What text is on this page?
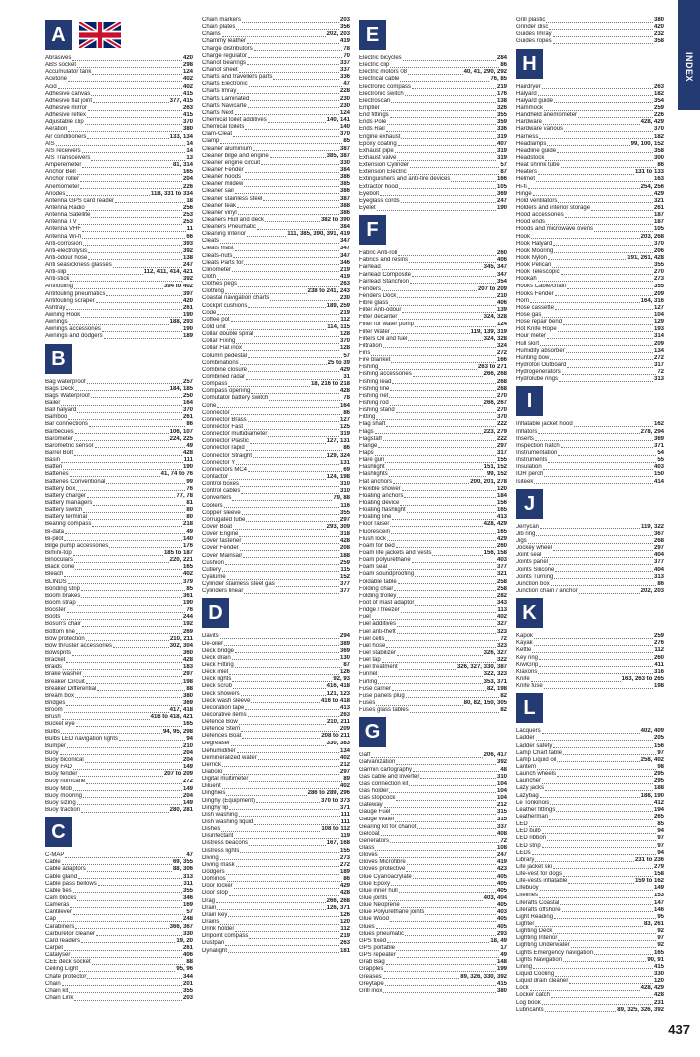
A
Abrasives	420
ABS socket	298
Accumulator tank	124
Acetone	402
Acid	402
Adhesive canvas	415
Adhesive flat joint	377, 415
Adhesive mirror	263
Adhesive reflex	415
Adjustable clip	370
Aeration	380
Air conditioners	133, 134
AIS	14
AIS receivers	14
AIS Transceivers	13
Amperemeter	81, 314
Anchor Bell	165
Anchor roller	204
Anemometer	226
Anodes	118, 331 to 334
Antenna GPS card reader	18
Antenna Radio	256
Antenna Satellite	253
Antenna TV	253
Antenna VHF	11
Antenna Wi-fi	66
Anti-corrosion	393
Anti-electrolysis	392
Anti-odour hose	138
Anti seasickness glasses	247
Anti-slip	112, 411, 414, 421
Anti-stick	392
Antifouling	394 to 402
Antifouling pneumatics	397
Antifouling scraper	420
Ashtray	261
Awning Hook	190
Awnings	188, 293
Awnings accessories	190
Awnings and dodgers	189
B
Bag waterproof	257
Bags Deck	184, 185
Bags Waterproof	250
Bailer	164
Ball halyard	370
Bamboo	261
Bar connections	86
Barbecues	106, 107
Barometer	224, 225
Barometric sensor	49
Barrel Bolt	428
Basin	111
Batten	190
Batteries	41, 74 to 76
Batteries Conventional	99
Battery box	76
Battery charger	77, 78
Battery managers	81
Battery switch	80
Battery terminal	80
Bearing compass	218
Bi-data	49
Bi-pilot	140
Bilge pump accessories	176
Bimini-top	185 to 187
Binoculars	220, 221
Black cone	165
Bleach	402
BLINDS	379
Bonding strip	85
Boom brakes	361
Boom strap	190
Booster	76
Boots	244
Bosun's chair	192
Bottom line	269
Bow protection	210, 211
Bow thruster accessories	302, 304
Bowsprits	360
Bracket	428
Braids	183
Brake washer	297
Breaker Circuit	198
Breaker Differential	88
Bream box	380
Bridges	369
Broom	417, 418
Brush	416 to 418, 421
Bucket eye	165
Bulbs	94, 95, 298
Bulbs LED navigation lights	94
Bumper	210
Buoy	204
Buoy biconical	204
Buoy FAD	149
Buoy fender	207 to 209
Buoy hurricane	272
Buoy Mob	149
Buoy mooring	204
Buoy sizing	149
Buoy traction	280, 281
C
C-MAP	47
Cable	69, 355
Cable adaptors	88, 306
Cable gland	313
Cable pass bellows	311
Cable ties	355
Cam blocks	346
Cameras	169
Cantilever	57
Cap	248
Carabiners	366, 367
Carburetor cleaner	330
Card readers	19, 20
Carpet	261
Catalyser	406
CEE deck socket	88
Ceiling Light	95, 96
Chafe protector	344
Chain	201
Chain kit	355
Chain Link	203
Chain markers	203
Chain plates	356
Chains	202, 203
Chammy leather	419
Charge distributors	78
Charge regulator	70
Chariot bearings	337
Chariot sheet	337
Charts and travellers parts	336
Charts Electronic	47
Charts Imray	228
Charts Laminated	230
Charts Navicarte	230
Charts Next	124
Chemical toilet additives	140, 141
Chemical toilets	140
Clam-Cleat	370
Clamp	85
Cleaner aluminium	387
Cleaner bilge and engine	385, 387
Cleaner engine circuit	330
Cleaner Fender	384
Cleaner hoods	386
Cleaner mildew	385
Cleaner sail	386
Cleaner stainless steel	387
Cleaner teak	388
Cleaner vinyl	386
Cleaners Hull and deck	382 to 390
Cleaners Pneumatic	384
Cleaning Interior	111, 385, 390, 391, 419
Cleats	347
Cleats mast	347
Cleats-nuts	347
Cleats Parts for	346
Clinometer	219
Cloth	419
Clothes pegs	263
Clothing	238 to 241, 243
Coastal navigation charts	230
Cockpit cushions	189, 259
Code	219
Coffee pot	112
Cold unit	114, 115
Collar double spiral	128
Collar Fixing	370
Collar Flat inox	128
Column pedestal	57
Combinations	25 to 39
Combine closure	429
Combined radar	31
Compass	18, 216 to 218
Compass opening	428
Comutator battery switch	78
Cone	164
Connector	86
Connector Brass	127
Connector Fast	125
Connector multidiameter	319
Connector Plastic	127, 131
Connector rapid	86
Connector Straight	129, 324
Connector Y	131
Connectors MC4	69
Contactor	124, 198
Control boxes	310
Control cables	310
Converters	79, 88
Coolers	116
Copper sleeve	355
Corrugated tube	297
Cover Boat	293, 309
Cover Engine	318
Cover fastener	428
Cover Fender	208
Cover Mainsail	188
Cushion	259
Cutlery	115
Cyalume	152
Cylinder stainless steel gas	377
Cylinders linear	377
D
Davits	294
De-oiler	389
Deck bridge	369
Deck drain	130
Deck Fitting	87
Deck inlet	126
Deck lights	92, 93
Deck scrub	416, 418
Deck showers	121, 123
Deck wash sleeve	416 to 418
Decoration tape	413
Decorative items	263
Defence Bow	210, 211
Defence Stern	209
Defences Boat	208 to 211
Degreaser	330, 383
Dehumidifier	134
Demineralized water	402
Derrick	212
Diabolo	297
Digital multimeter	89
Diluent	402
Dinghies	286 to 289, 296
Dinghy (Equipment)	370 to 373
Dinghy lip	371
Dish washing	111
Dish washing liquid	111
Dishes	108 to 112
Disinfectant	119
Distress beacons	167, 168
Distress lights	155
Diving	273
Diving mask	272
Dodgers	189
Dominos	86
Door locker	429
Door stop	428
Drag	266, 268
Drain	126, 371
Drain key	126
Drains	120
Drink holder	112
Dripoint compass	219
Dustpan	263
Dynalight	181
E
Electric bicycles	284
Electric clip	86
Electric motors 08	40, 41, 290, 292
Electrical cable	76, 85
Electronic compass	219
Electronic switch	176
Electroscan	138
Emptier	326
End fittings	355
Ends Pole	359
Ends Rail	336
Engine exhaust	319
Epoxy coating	407
Exhaust pipe	319
Exhaust valve	319
Extension Cylinder	57
Extension Electric	87
Extinguishers and anti-fire devices	166
Extractor hood	105
Eyebolt	369
Eyeglass cords	247
Eyelet	190
F
Fabric Anti-roll	260
Fabrics and resins	406
Fairlead	345, 347
Fairlead Composite	347
Fairlead Stanchion	354
Fenders	207 to 209
Fenders Dock	210
Fibre glass	406
Filter Anti-odour	139
Filter decanter	324, 328
Filter for water pump	124
Filter Water	119, 139, 319
Filters Oil and fuel	324, 328
Filtration	324
Fins	272
Fire blanket	166
Fishing	263 to 271
Fishing accessories	266, 268
Fishing lead	268
Fishing line	268
Fishing net	270
Fishing rod	266, 267
Fishing stand	270
Fitting	370
Flag shaft	222
Flags	223, 279
Flagstaff	222
Flange	297
Flaps	317
Flare gun	155
Flashlight	151, 152
Flashlights	99, 152
Flat anchors	200, 201, 278
Flexible shower	120
Floating anchors	184
Floating device	156
Floating flashlight	165
Floating line	413
Floor raiser	428, 429
Fluorescein	165
Flush lock	429
Foam for bed	260
Foam life jackets and vests	156, 158
Foam polyurethane	403
Foam seal	377
Foam soundproofing	321
Foldable table	258
Folding chair	258
Folding trolley	282
Foot of mast adaptor	343
Fridge / freezer	113
Fuel	402
Fuel additives	327
Fuel anti-theft	323
Fuel cells	72
Fuel hose	323
Fuel stabilizer	326, 327
Fuel tap	322
Fuel treatment	326, 327, 330, 387
Funnel	322, 323
Furling	353, 371
Fuse carrier	82, 198
Fuse panels plug	82
Fuses	80, 82, 150, 305
Fuses glass tables	82
G
Gaff	206, 417
Galvanization	392
Garmin cartography	48
Gas cable and inverter	310
Gas connection kit	104
Gas holder	104
Gas stopcock	104
Gateway	212
Gauge Fuel	315
Gauge Water	315
Gearing kit for chariot	337
Gelcoat	408
Generators	72
Glass	108
Gloves	247
Gloves Microfibre	419
Gloves protective	423
Glue Cyanoacrylate	405
Glue Epoxy	405
Glue inner hull	405
Glue joints	403, 404
Glue Neoprene	405
Glue Polyurethane joints	403
Glue Wood	405
Glues	405
Glues pneumatic	293
GPS fixed	18, 49
GPS portable	17
GPS repeater	49
Grab Bag	148
Grapples	199
Greases	89, 326, 330, 392
Greytape	415
Grill inox	380
Grill plastic	380
Grinder disc	420
Guides Imray	232
Guides ropes	358
H
Hairdryer	263
Halyard	182
Halyard guide	354
Hammock	259
Handheld anemometer	226
Hardware	428, 429
Hardware various	370
Harness	182
Headlamps	99, 100, 152
Headline guide	358
Headstock	300
Heat shrink tube	86
Heaters	131 to 133
Helmet	163
Hi-fi	254, 256
Hinge	429
Hold ventilators	321
Holders and interior storage	261
Hood accessories	187
Hood ends	187
Hoods and microwave ovens	105
Hook	203, 268
Hook Halyard	370
Hook Mooring	206
Hook Nylon	191, 261, 428
Hook Pelican	355
Hook Telescopic	270
Hookah	273
Hooks Cable/chain	355
Hooks Fender	209
Horn	164, 316
Hose cassette	127
Hose gas	104
Hose repair bend	129
Hot Knife Rope	193
Hour meter	314
Hull skirt	209
Humidity absorber	134
Hunting bow	272
Hydrofoil Outboard	317
Hydrogenerators	72
Hydrolube rings	313
I
Inflatable jacket hood	162
Inflators	278, 294
Inserts	369
Inspection hatch	371
Instrumentation	54
Instruments	55
Insulation	403
IOR perch	150
Isiteek	414
J
Jerrycan	119, 322
Jib ring	367
Jigs	268
Jockey wheel	297
Joint seal	404
Joints panel	377
Joints Silicone	404
Joints Turning	313
Junction box	86
Junction chain / anchor	202, 203
K
Kapok	259
Kayak	276
Kettle	112
Key ring	260
KiwiGrip	411
Klaxons	316
Knife	163, 263 to 265
Knife fuse	198
L
Lacquers	402, 409
Ladder	205
Ladder safety	156
Lamp Chart table	97
Lamp Liquid oil	258, 402
Lantern	98
Launch wheels	295
Launcher	295
Lazy jacks	188
Lazybag	188, 190
Le Tonkinois	412
Leather fittings	194
Leatherman	265
LED	85
LED bulb	94
LED ribbon	97
LED strip	97
LEDs	94
Library	231 to 236
Life jacket ski	279
Life-vest for dogs	158
Life-vests inflatable	159 to 162
Lifebuoy	149
Lifelines	153
Liferafts Coastal	147
Liferafts offshore	146
Light Reading	95
Lighter	83, 261
Lighting Deck	92
Lighting Interior	97
Lighting Underwater	92
Lights Emergency navigation	165
Lights Navigation	90, 91
Lining	415
Liquid Cooling	330
Liquid drain cleaner	120
Lock	428, 429
Locker catch	428
Log book	231
Lubricants	89, 325, 326, 392
INDEX
437
